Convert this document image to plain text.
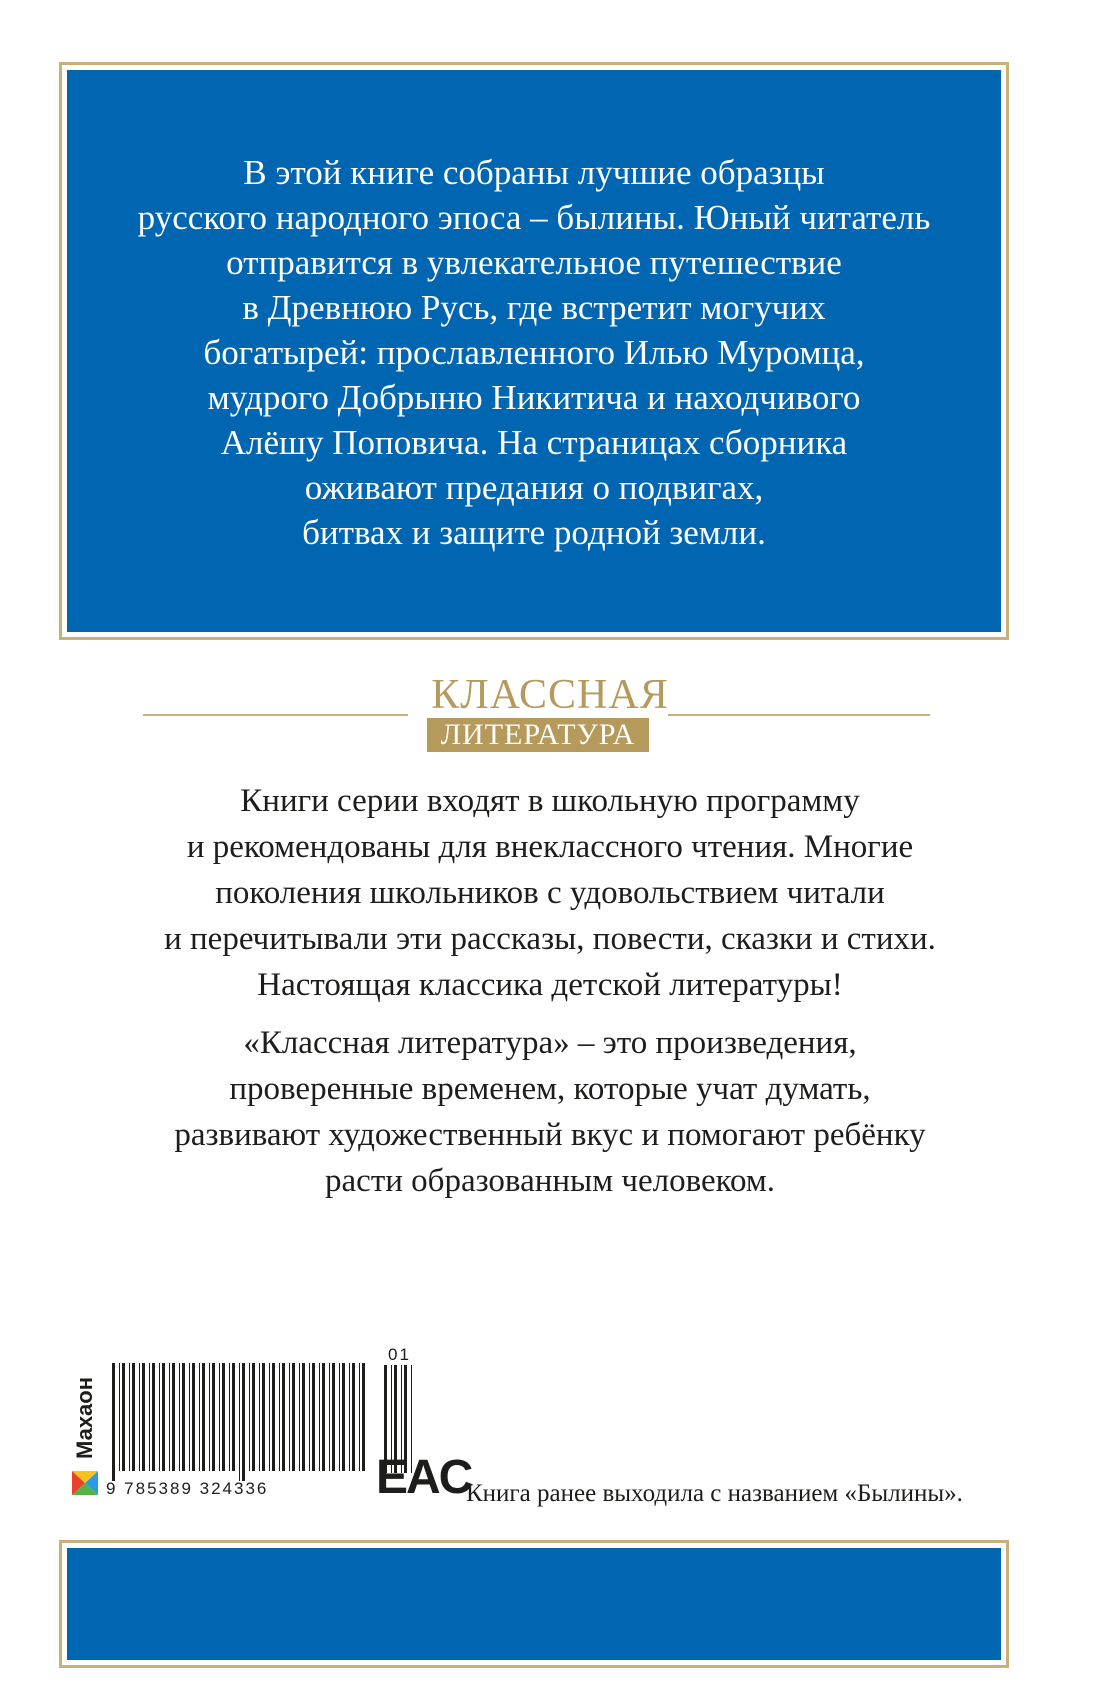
В этой книге собраны лучшие образцы
русского народного эпоса – былины. Юный читатель
отправится в увлекательное путешествие
в Древнюю Русь, где встретит могучих
богатырей: прославленного Илью Муромца,
мудрого Добрыню Никитича и находчивого
Алёшу Поповича. На страницах сборника
оживают предания о подвигах,
битвах и защите родной земли.
КЛАССНАЯ
ЛИТЕРАТУРА
Книги серии входят в школьную программу
и рекомендованы для внеклассного чтения. Многие
поколения школьников с удовольствием читали
и перечитывали эти рассказы, повести, сказки и стихи.
Настоящая классика детской литературы!
«Классная литература» – это произведения,
проверенные временем, которые учат думать,
развивают художественный вкус и помогают ребёнку
расти образованным человеком.
Махаон
9 785389 324336
01
EAC
Книга ранее выходила с названием «Былины».
